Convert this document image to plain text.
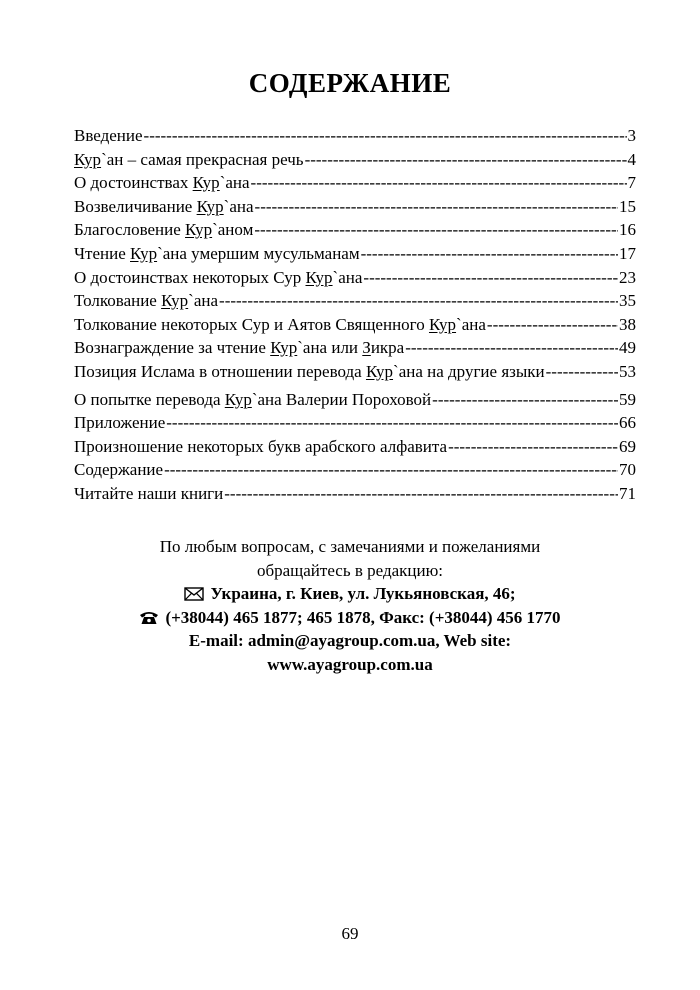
СОДЕРЖАНИЕ
Введение -----	3
Кур`ан – самая прекрасная речь -----	4
О достоинствах Кур`ана -----	7
Возвеличивание Кур`ана -----	15
Благословение Кур`аном -----	16
Чтение Кур`ана умершим мусульманам -----	17
О достоинствах некоторых Сур Кур`ана -----	23
Толкование Кур`ана -----	35
Толкование некоторых Сур и Аятов Священного Кур`ана -----	38
Вознаграждение за чтение Кур`ана или Зикра -----	49
Позиция Ислама в отношении перевода Кур`ана на другие языки -----	53
О попытке перевода Кур`ана Валерии Пороховой -----	59
Приложение -----	66
Произношение некоторых букв арабского алфавита -----	69
Содержание -----	70
Читайте наши книги -----	71
По любым вопросам, с замечаниями и пожеланиями
обращайтесь в редакцию:
Украина, г. Киев, ул. Лукьяновская, 46;
(+38044) 465 1877; 465 1878, Факс: (+38044) 456 1770
E-mail: admin@ayagroup.com.ua, Web site:
www.ayagroup.com.ua
69
